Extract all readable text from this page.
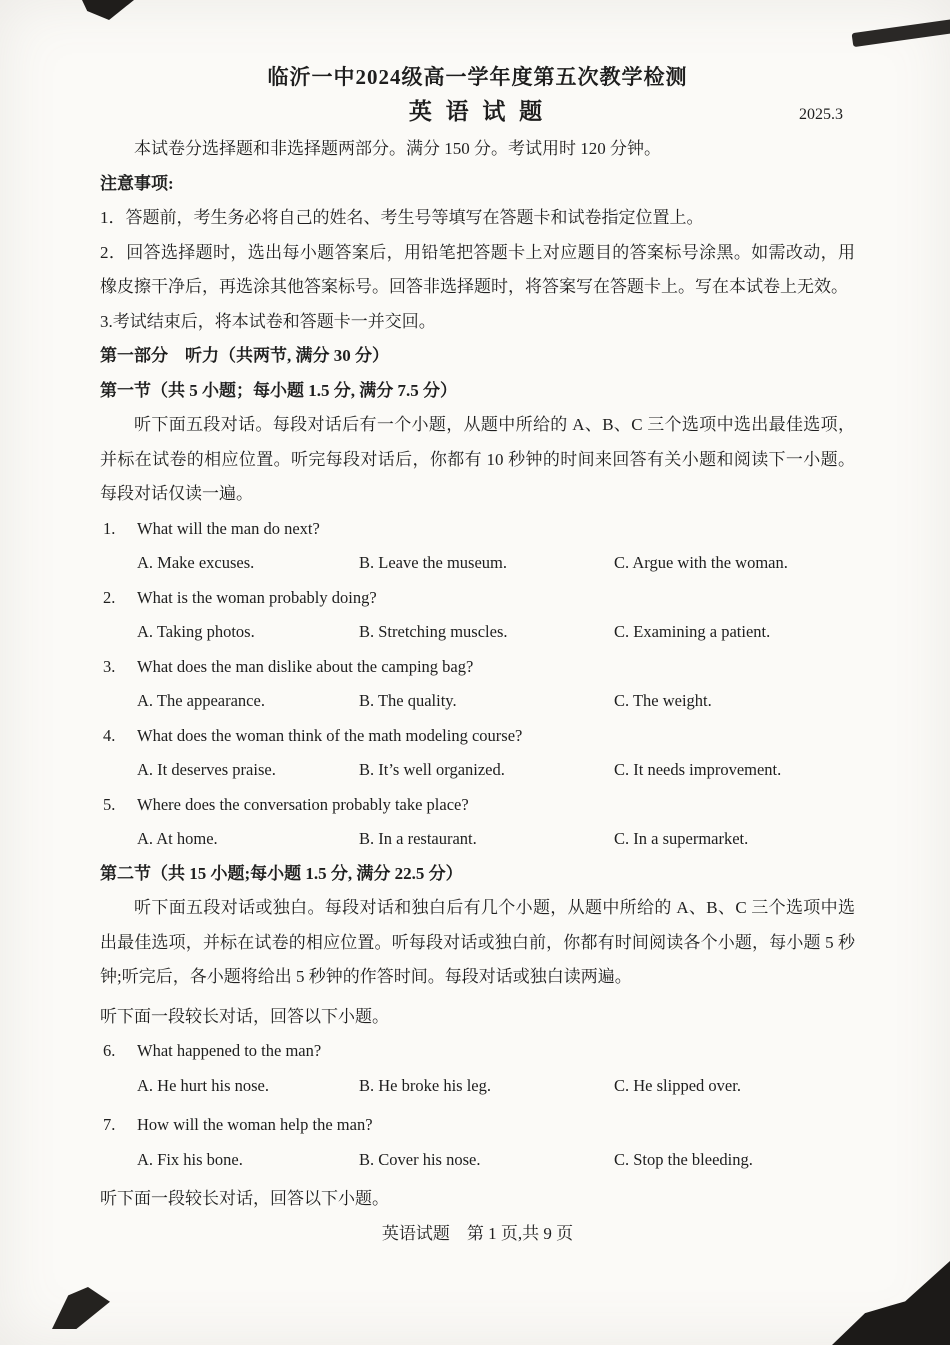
临沂一中2024级高一学年度第五次教学检测
英 语 试 题	2025.3

本试卷分选择题和非选择题两部分。满分 150 分。考试用时 120 分钟。

注意事项:

1．答题前，考生务必将自己的姓名、考生号等填写在答题卡和试卷指定位置上。

2．回答选择题时，选出每小题答案后，用铅笔把答题卡上对应题目的答案标号涂黑。如需改动，用橡皮擦干净后，再选涂其他答案标号。回答非选择题时，将答案写在答题卡上。写在本试卷上无效。

3.考试结束后，将本试卷和答题卡一并交回。

第一部分　听力（共两节, 满分 30 分）

第一节（共 5 小题；每小题 1.5 分, 满分 7.5 分）

听下面五段对话。每段对话后有一个小题，从题中所给的 A、B、C 三个选项中选出最佳选项，并标在试卷的相应位置。听完每段对话后，你都有 10 秒钟的时间来回答有关小题和阅读下一小题。每段对话仅读一遍。

1. What will the man do next?
A. Make excuses.	B. Leave the museum.	C. Argue with the woman.
2. What is the woman probably doing?
A. Taking photos.	B. Stretching muscles.	C. Examining a patient.
3. What does the man dislike about the camping bag?
A. The appearance.	B. The quality.	C. The weight.
4. What does the woman think of the math modeling course?
A. It deserves praise.	B. It’s well organized.	C. It needs improvement.
5. Where does the conversation probably take place?
A. At home.	B. In a restaurant.	C. In a supermarket.

第二节（共 15 小题;每小题 1.5 分, 满分 22.5 分）

听下面五段对话或独白。每段对话和独白后有几个小题，从题中所给的 A、B、C 三个选项中选出最佳选项，并标在试卷的相应位置。听每段对话或独白前，你都有时间阅读各个小题，每小题 5 秒钟;听完后，各小题将给出 5 秒钟的作答时间。每段对话或独白读两遍。

听下面一段较长对话，回答以下小题。

6. What happened to the man?
A. He hurt his nose.	B. He broke his leg.	C. He slipped over.
7. How will the woman help the man?
A. Fix his bone.	B. Cover his nose.	C. Stop the bleeding.

听下面一段较长对话，回答以下小题。

英语试题　第 1 页,共 9 页
